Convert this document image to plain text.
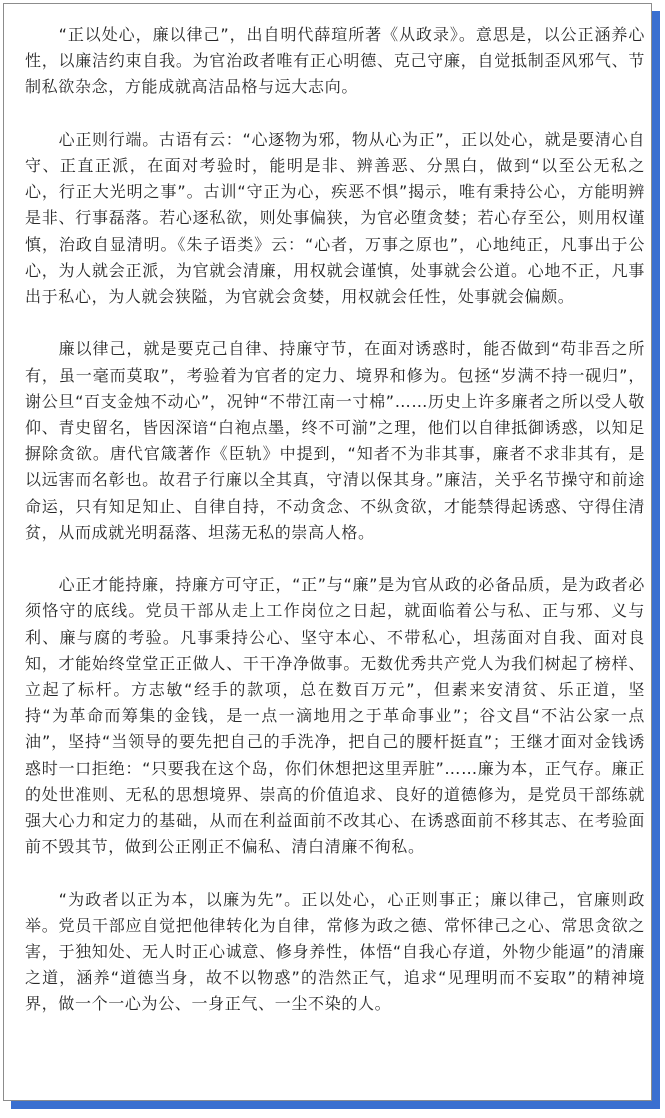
“正以处心，廉以律己”，出自明代薛瑄所著《从政录》。意思是，以公正涵养心性，以廉洁约束自我。为官治政者唯有正心明德、克己守廉，自觉抵制歪风邪气、节制私欲杂念，方能成就高洁品格与远大志向。

心正则行端。古语有云：“心逐物为邪，物从心为正”，正以处心，就是要清心自守、正直正派，在面对考验时，能明是非、辨善恶、分黑白，做到“以至公无私之心，行正大光明之事”。古训“守正为心，疾恶不惧”揭示，唯有秉持公心，方能明辨是非、行事磊落。若心逐私欲，则处事偏狭，为官必堕贪婪；若心存至公，则用权谨慎，治政自显清明。《朱子语类》云：“心者，万事之原也”，心地纯正，凡事出于公心，为人就会正派，为官就会清廉，用权就会谨慎，处事就会公道。心地不正，凡事出于私心，为人就会狭隘，为官就会贪婪，用权就会任性，处事就会偏颇。

廉以律己，就是要克己自律、持廉守节，在面对诱惑时，能否做到“苟非吾之所有，虽一毫而莫取”，考验着为官者的定力、境界和修为。包拯“岁满不持一砚归”，谢公旦“百支金烛不动心”，况钟“不带江南一寸棉”……历史上许多廉者之所以受人敬仰、青史留名，皆因深谙“白袍点墨，终不可湔”之理，他们以自律抵御诱惑，以知足摒除贪欲。唐代官箴著作《臣轨》中提到，“知者不为非其事，廉者不求非其有，是以远害而名彰也。故君子行廉以全其真，守清以保其身。”廉洁，关乎名节操守和前途命运，只有知足知止、自律自持，不动贪念、不纵贪欲，才能禁得起诱惑、守得住清贫，从而成就光明磊落、坦荡无私的崇高人格。

心正才能持廉，持廉方可守正，“正”与“廉”是为官从政的必备品质，是为政者必须恪守的底线。党员干部从走上工作岗位之日起，就面临着公与私、正与邪、义与利、廉与腐的考验。凡事秉持公心、坚守本心、不带私心，坦荡面对自我、面对良知，才能始终堂堂正正做人、干干净净做事。无数优秀共产党人为我们树起了榜样、立起了标杆。方志敏“经手的款项，总在数百万元”，但素来安清贫、乐正道，坚持“为革命而筹集的金钱，是一点一滴地用之于革命事业”；谷文昌“不沾公家一点油”，坚持“当领导的要先把自己的手洗净，把自己的腰杆挺直”；王继才面对金钱诱惑时一口拒绝：“只要我在这个岛，你们休想把这里弄脏”……廉为本，正气存。廉正的处世准则、无私的思想境界、崇高的价值追求、良好的道德修为，是党员干部练就强大心力和定力的基础，从而在利益面前不改其心、在诱惑面前不移其志、在考验面前不毁其节，做到公正刚正不偏私、清白清廉不徇私。

“为政者以正为本，以廉为先”。正以处心，心正则事正；廉以律己，官廉则政举。党员干部应自觉把他律转化为自律，常修为政之德、常怀律己之心、常思贪欲之害，于独知处、无人时正心诚意、修身养性，体悟“自我心存道，外物少能逼”的清廉之道，涵养“道德当身，故不以物惑”的浩然正气，追求“见理明而不妄取”的精神境界，做一个一心为公、一身正气、一尘不染的人。
